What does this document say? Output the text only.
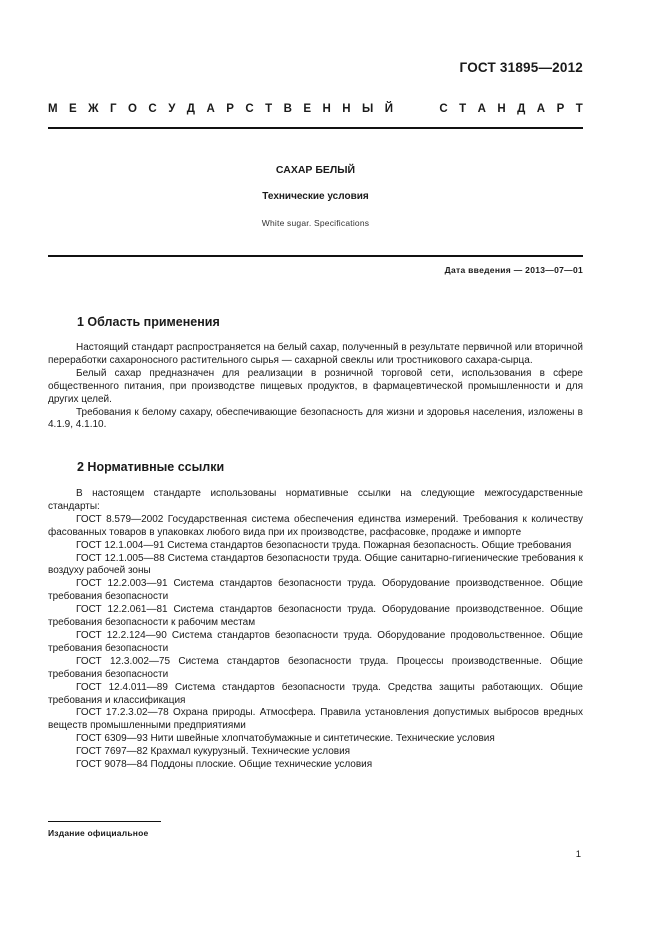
ГОСТ 31895—2012
М Е Ж Г О С У Д А Р С Т В Е Н Н Ы Й	С Т А Н Д А Р Т
САХАР БЕЛЫЙ
Технические условия
White sugar. Specifications
Дата введения — 2013—07—01
1 Область применения

Настоящий стандарт распространяется на белый сахар, полученный в результате первичной или вторичной переработки сахароносного растительного сырья — сахарной свеклы или тростникового сахара-сырца.

Белый сахар предназначен для реализации в розничной торговой сети, использования в сфере общественного питания, при производстве пищевых продуктов, в фармацевтической промышленности и для других целей.

Требования к белому сахару, обеспечивающие безопасность для жизни и здоровья населения, изложены в 4.1.9, 4.1.10.

2 Нормативные ссылки

В настоящем стандарте использованы нормативные ссылки на следующие межгосударственные стандарты:

ГОСТ 8.579—2002 Государственная система обеспечения единства измерений. Требования к количеству фасованных товаров в упаковках любого вида при их производстве, расфасовке, продаже и импорте

ГОСТ 12.1.004—91 Система стандартов безопасности труда. Пожарная безопасность. Общие требования

ГОСТ 12.1.005—88 Система стандартов безопасности труда. Общие санитарно-гигиенические требования к воздуху рабочей зоны

ГОСТ 12.2.003—91 Система стандартов безопасности труда. Оборудование производственное. Общие требования безопасности

ГОСТ 12.2.061—81 Система стандартов безопасности труда. Оборудование производственное. Общие требования безопасности к рабочим местам

ГОСТ 12.2.124—90 Система стандартов безопасности труда. Оборудование продовольственное. Общие требования безопасности

ГОСТ 12.3.002—75 Система стандартов безопасности труда. Процессы производственные. Общие требования безопасности

ГОСТ 12.4.011—89 Система стандартов безопасности труда. Средства защиты работающих. Общие требования и классификация

ГОСТ 17.2.3.02—78 Охрана природы. Атмосфера. Правила установления допустимых выбросов вредных веществ промышленными предприятиями

ГОСТ 6309—93 Нити швейные хлопчатобумажные и синтетические. Технические условия

ГОСТ 7697—82 Крахмал кукурузный. Технические условия

ГОСТ 9078—84 Поддоны плоские. Общие технические условия

Издание официальное
1
